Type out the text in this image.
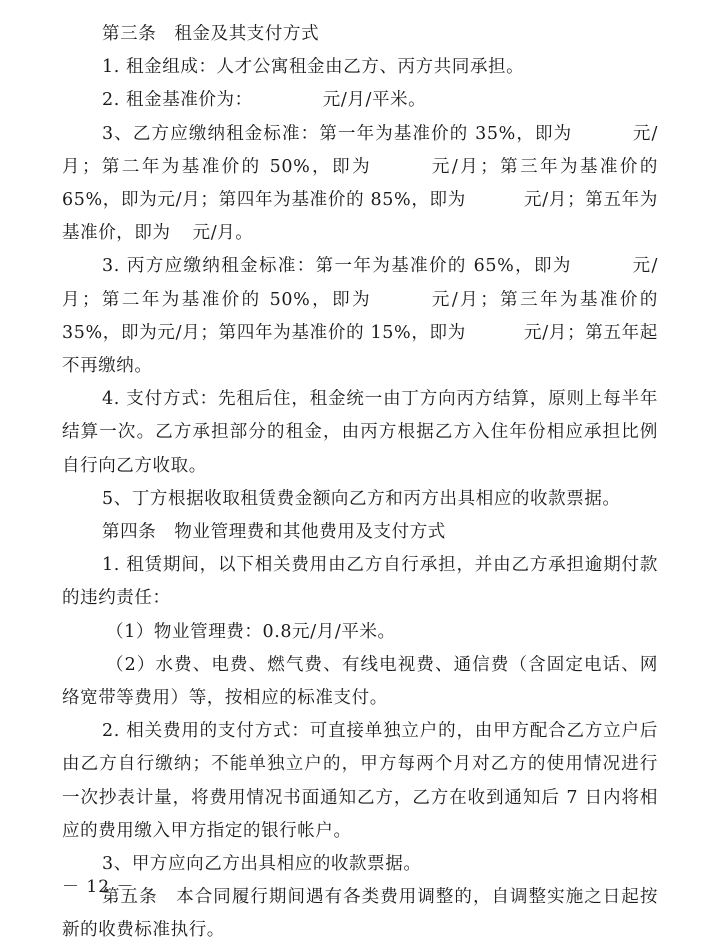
第三条　租金及其支付方式

1. 租金组成：人才公寓租金由乙方、丙方共同承担。

2. 租金基准价为：	元/月/平米。

3、乙方应缴纳租金标准：第一年为基准价的 35%，即为	元/月；第二年为基准价的 50%，即为	元/月；第三年为基准价的 65%，即为元/月；第四年为基准价的 85%，即为	元/月；第五年为基准价，即为 元/月。

3. 丙方应缴纳租金标准：第一年为基准价的 65%，即为	元/月；第二年为基准价的 50%，即为	元/月；第三年为基准价的 35%，即为元/月；第四年为基准价的 15%，即为	元/月；第五年起不再缴纳。

4. 支付方式：先租后住，租金统一由丁方向丙方结算，原则上每半年结算一次。乙方承担部分的租金，由丙方根据乙方入住年份相应承担比例自行向乙方收取。

5、丁方根据收取租赁费金额向乙方和丙方出具相应的收款票据。

第四条　物业管理费和其他费用及支付方式

1. 租赁期间，以下相关费用由乙方自行承担，并由乙方承担逾期付款的违约责任：

（1）物业管理费：0.8元/月/平米。

（2）水费、电费、燃气费、有线电视费、通信费（含固定电话、网络宽带等费用）等，按相应的标准支付。

2. 相关费用的支付方式：可直接单独立户的，由甲方配合乙方立户后由乙方自行缴纳；不能单独立户的，甲方每两个月对乙方的使用情况进行一次抄表计量，将费用情况书面通知乙方，乙方在收到通知后 7 日内将相应的费用缴入甲方指定的银行帐户。

3、甲方应向乙方出具相应的收款票据。

第五条　本合同履行期间遇有各类费用调整的，自调整实施之日起按新的收费标准执行。

－ 12 －
